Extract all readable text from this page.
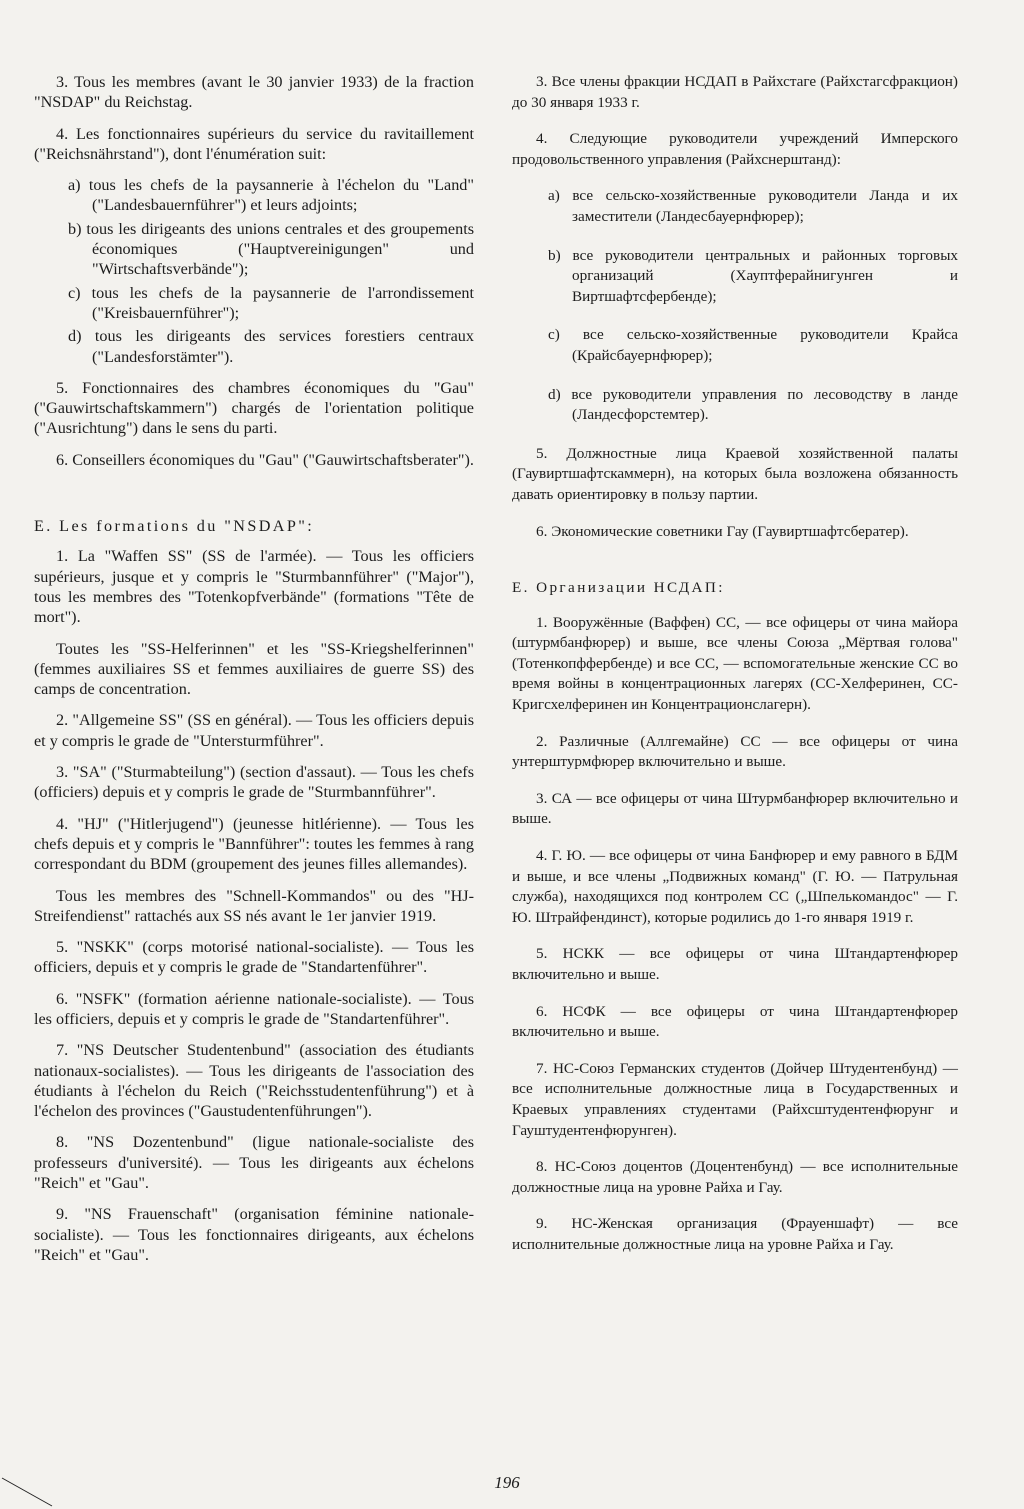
3. Tous les membres (avant le 30 janvier 1933) de la fraction "NSDAP" du Reichstag.

4. Les fonctionnaires supérieurs du service du ravitaillement ("Reichsnährstand"), dont l'énumération suit:

a) tous les chefs de la paysannerie à l'échelon du "Land" ("Landesbauernführer") et leurs adjoints;
b) tous les dirigeants des unions centrales et des groupements économiques ("Hauptvereinigungen" und "Wirtschaftsverbände");
c) tous les chefs de la paysannerie de l'arrondissement ("Kreisbauernführer");
d) tous les dirigeants des services forestiers centraux ("Landesforstämter").

5. Fonctionnaires des chambres économiques du "Gau" ("Gauwirtschaftskammern") chargés de l'orientation politique ("Ausrichtung") dans le sens du parti.

6. Conseillers économiques du "Gau" ("Gauwirtschaftsberater").

E. Les formations du "NSDAP":

1. La "Waffen SS" (SS de l'armée). — Tous les officiers supérieurs, jusque et y compris le "Sturmbannführer" ("Major"), tous les membres des "Totenkopfverbände" (formations "Tête de mort").

Toutes les "SS-Helferinnen" et les "SS-Kriegshelferinnen" (femmes auxiliaires SS et femmes auxiliaires de guerre SS) des camps de concentration.

2. "Allgemeine SS" (SS en général). — Tous les officiers depuis et y compris le grade de "Untersturmführer".

3. "SA" ("Sturmabteilung") (section d'assaut). — Tous les chefs (officiers) depuis et y compris le grade de "Sturmbannführer".

4. "HJ" ("Hitlerjugend") (jeunesse hitlérienne). — Tous les chefs depuis et y compris le "Bannführer": toutes les femmes à rang correspondant du BDM (groupement des jeunes filles allemandes).

Tous les membres des "Schnell-Kommandos" ou des "HJ-Streifendienst" rattachés aux SS nés avant le 1er janvier 1919.

5. "NSKK" (corps motorisé national-socialiste). — Tous les officiers, depuis et y compris le grade de "Standartenführer".

6. "NSFK" (formation aérienne nationale-socialiste). — Tous les officiers, depuis et y compris le grade de "Standartenführer".

7. "NS Deutscher Studentenbund" (association des étudiants nationaux-socialistes). — Tous les dirigeants de l'association des étudiants à l'échelon du Reich ("Reichsstudentenführung") et à l'échelon des provinces ("Gaustudentenführungen").

8. "NS Dozentenbund" (ligue nationale-socialiste des professeurs d'université). — Tous les dirigeants aux échelons "Reich" et "Gau".

9. "NS Frauenschaft" (organisation féminine nationale-socialiste). — Tous les fonctionnaires dirigeants, aux échelons "Reich" et "Gau".

3. Все члены фракции НСДАП в Райхстаге (Райхстагсфракцион) до 30 января 1933 г.

4. Следующие руководители учреждений Имперского продовольственного управления (Райхснерштанд):

a) все сельско-хозяйственные руководители Ланда и их заместители (Ландесбауернфюрер);
b) все руководители центральных и районных торговых организаций (Хауптферайнигунген и Виртшафтсфербенде);
c) все сельско-хозяйственные руководители Крайса (Крайсбауернфюрер);
d) все руководители управления по лесоводству в ланде (Ландесфорстемтер).

5. Должностные лица Краевой хозяйственной палаты (Гаувиртшафтскаммерн), на которых была возложена обязанность давать ориентировку в пользу партии.

6. Экономические советники Гау (Гаувиртшафтсбератер).

E. Организации НСДАП:

1. Вооружённые (Ваффен) СС, — все офицеры от чина майора (штурмбанфюрер) и выше, все члены Союза „Мёртвая голова" (Тотенкопффербенде) и все СС, — вспомогательные женские СС во время войны в концентрационных лагерях (СС-Хелферинен, СС-Кригсхелферинен ин Концентрационслагерн).

2. Различные (Аллгемайне) СС — все офицеры от чина унтерштурмфюрер включительно и выше.

3. СА — все офицеры от чина Штурмбанфюрер включительно и выше.

4. Г. Ю. — все офицеры от чина Банфюрер и ему равного в БДМ и выше, и все члены „Подвижных команд" (Г. Ю. — Патрульная служба), находящихся под контролем СС („Шпелькомандос" — Г. Ю. Штрайфендинст), которые родились до 1-го января 1919 г.

5. НСКК — все офицеры от чина Штандартенфюрер включительно и выше.

6. НСФК — все офицеры от чина Штандартенфюрер включительно и выше.

7. НС-Союз Германских студентов (Дойчер Штудентенбунд) — все исполнительные должностные лица в Государственных и Краевых управлениях студентами (Райхсштудентенфюрунг и Гауштудентенфюрунген).

8. НС-Союз доцентов (Доцентенбунд) — все исполнительные должностные лица на уровне Райха и Гау.

9. НС-Женская организация (Фрауеншафт) — все исполнительные должностные лица на уровне Райха и Гау.

196
